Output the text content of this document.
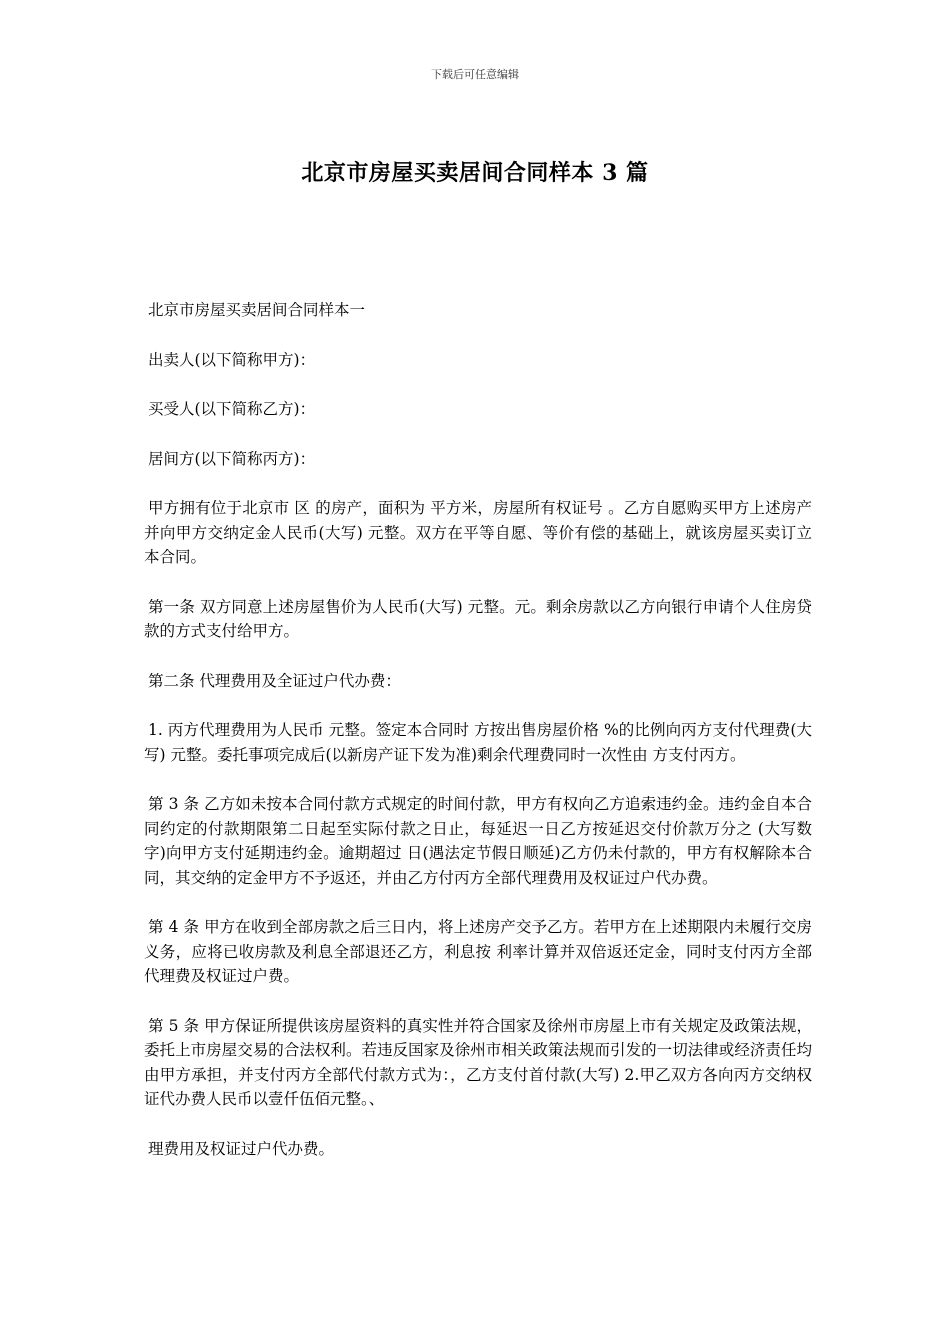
下载后可任意编辑
北京市房屋买卖居间合同样本 3 篇

北京市房屋买卖居间合同样本一

出卖人(以下简称甲方)：

买受人(以下简称乙方)：

居间方(以下简称丙方)：

甲方拥有位于北京市 区 的房产，面积为 平方米，房屋所有权证号 。乙方自愿购买甲方上述房产并向甲方交纳定金人民币(大写) 元整。双方在平等自愿、等价有偿的基础上，就该房屋买卖订立本合同。

第一条 双方同意上述房屋售价为人民币(大写) 元整。元。剩余房款以乙方向银行申请个人住房贷款的方式支付给甲方。

第二条 代理费用及全证过户代办费：

1. 丙方代理费用为人民币 元整。签定本合同时 方按出售房屋价格 %的比例向丙方支付代理费(大写) 元整。委托事项完成后(以新房产证下发为准)剩余代理费同时一次性由 方支付丙方。

第 3 条 乙方如未按本合同付款方式规定的时间付款，甲方有权向乙方追索违约金。违约金自本合同约定的付款期限第二日起至实际付款之日止，每延迟一日乙方按延迟交付价款万分之 (大写数字)向甲方支付延期违约金。逾期超过 日(遇法定节假日顺延)乙方仍未付款的，甲方有权解除本合同，其交纳的定金甲方不予返还，并由乙方付丙方全部代理费用及权证过户代办费。

第 4 条 甲方在收到全部房款之后三日内，将上述房产交予乙方。若甲方在上述期限内未履行交房义务，应将已收房款及利息全部退还乙方，利息按 利率计算并双倍返还定金，同时支付丙方全部代理费及权证过户费。

第 5 条 甲方保证所提供该房屋资料的真实性并符合国家及徐州市房屋上市有关规定及政策法规，委托上市房屋交易的合法权利。若违反国家及徐州市相关政策法规而引发的一切法律或经济责任均由甲方承担，并支付丙方全部代付款方式为：，乙方支付首付款(大写) 2.甲乙双方各向丙方交纳权证代办费人民币以壹仟伍佰元整。、

理费用及权证过户代办费。
